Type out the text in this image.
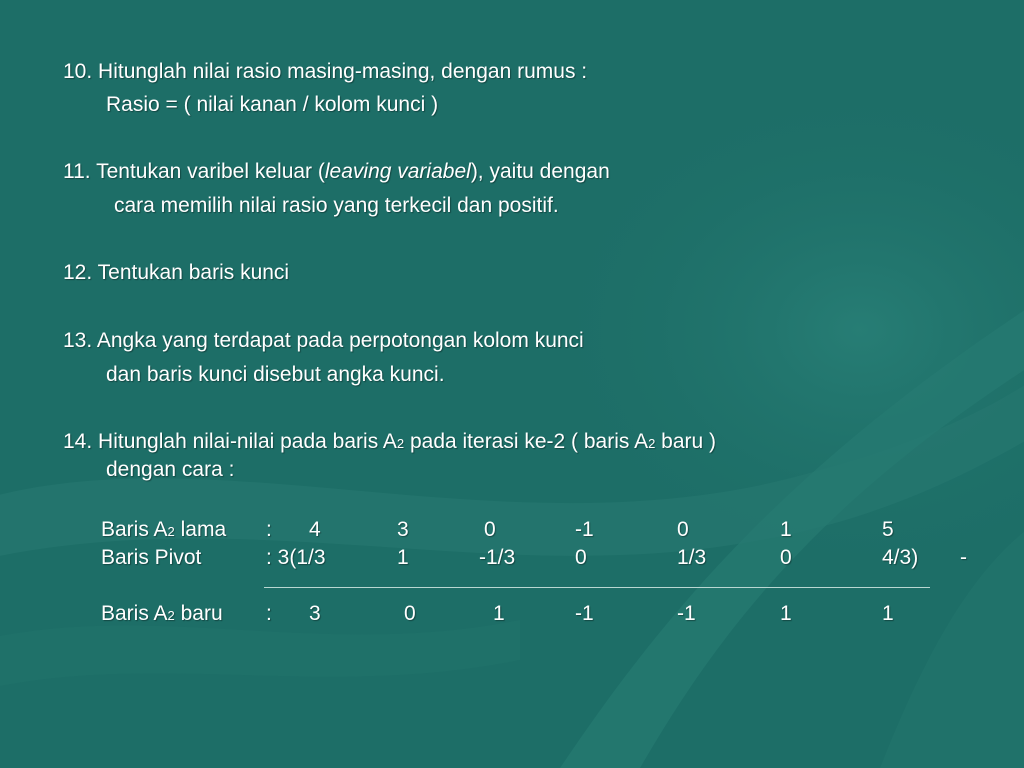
10. Hitunglah nilai rasio masing-masing, dengan rumus :
Rasio = ( nilai kanan / kolom kunci )
11. Tentukan varibel keluar (leaving variabel), yaitu dengan
cara memilih nilai rasio yang terkecil dan positif.
12. Tentukan baris kunci
13. Angka yang terdapat pada perpotongan kolom kunci
dan baris kunci disebut angka kunci.
14. Hitunglah nilai-nilai pada baris A2 pada iterasi ke-2 ( baris A2 baru )
dengan cara :
Baris A2 lama : 4	3	0	-1	0	1	5
Baris Pivot	: 3(1/3	1	-1/3	0	1/3	0	4/3) -
Baris A2 baru : 3	0	1	-1	-1	1	1
